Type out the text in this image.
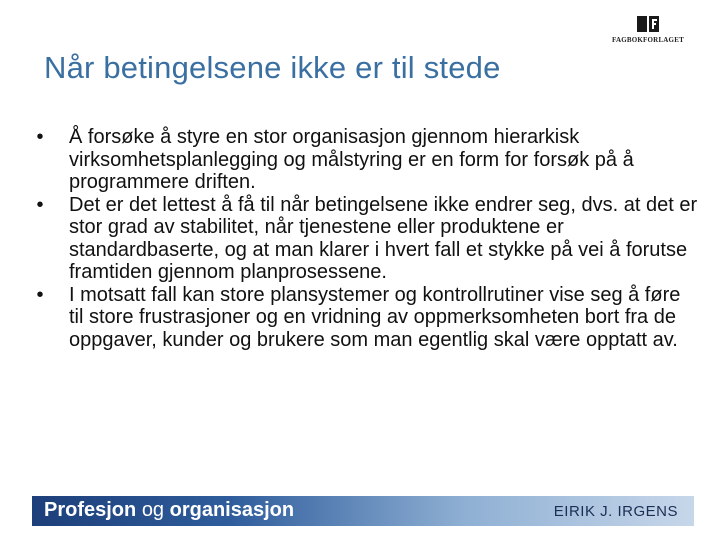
FAGBOKFORLAGET
Når betingelsene ikke er til stede
•	Å forsøke å styre en stor organisasjon gjennom hierarkisk virksomhetsplanlegging og målstyring er en form for forsøk på å programmere driften.
•	Det er det lettest å få til når betingelsene ikke endrer seg, dvs. at det er stor grad av stabilitet, når tjenestene eller produktene er standardbaserte, og at man klarer i hvert fall et stykke på vei å forutse framtiden gjennom planprosessene.
•	I motsatt fall kan store plansystemer og kontrollrutiner vise seg å føre til store frustrasjoner og en vridning av oppmerksomheten bort fra de oppgaver, kunder og brukere som man egentlig skal være opptatt av.
Profesjon og organisasjon	EIRIK J. IRGENS
